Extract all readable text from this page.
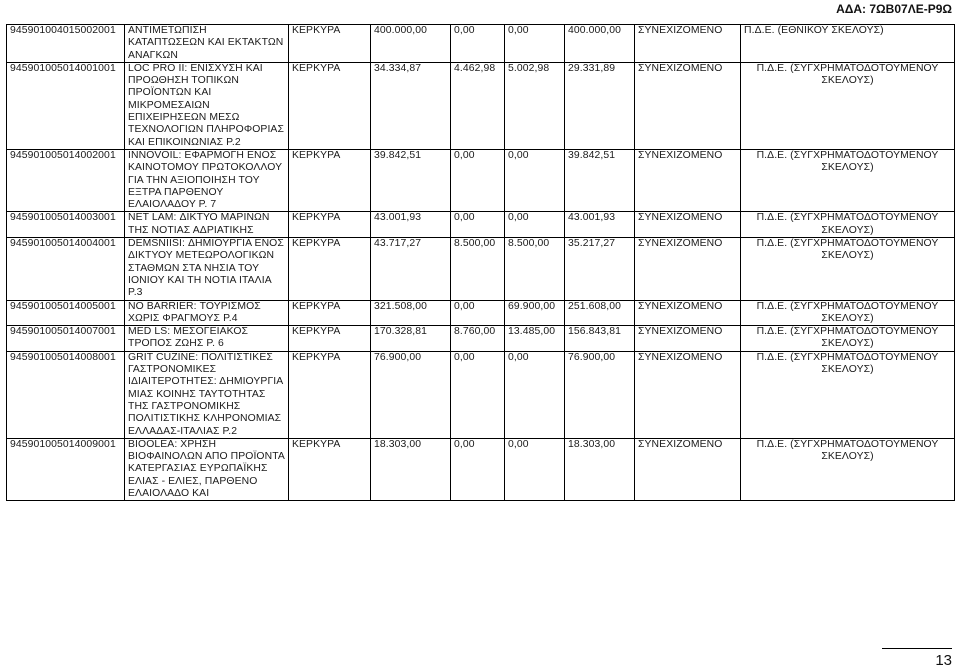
ΑΔΑ: 7ΩΒ07ΛΕ-Ρ9Ω
945901004015002001	ΑΝΤΙΜΕΤΩΠΙΣΗ ΚΑΤΑΠΤΩΣΕΩΝ ΚΑΙ ΕΚΤΑΚΤΩΝ ΑΝΑΓΚΩΝ	ΚΕΡΚΥΡΑ	400.000,00	0,00	0,00	400.000,00	ΣΥΝΕΧΙΖΟΜΕΝΟ	Π.Δ.Ε. (ΕΘΝΙΚΟΥ ΣΚΕΛΟΥΣ)
945901005014001001	LOC PRO II: ΕΝΙΣΧΥΣΗ ΚΑΙ ΠΡΟΩΘΗΣΗ ΤΟΠΙΚΩΝ ΠΡΟΪΟΝΤΩΝ ΚΑΙ ΜΙΚΡΟΜΕΣΑΙΩΝ ΕΠΙΧΕΙΡΗΣΕΩΝ ΜΕΣΩ ΤΕΧΝΟΛΟΓΙΩΝ ΠΛΗΡΟΦΟΡΙΑΣ ΚΑΙ ΕΠΙΚΟΙΝΩΝΙΑΣ Ρ.2	ΚΕΡΚΥΡΑ	34.334,87	4.462,98	5.002,98	29.331,89	ΣΥΝΕΧΙΖΟΜΕΝΟ	Π.Δ.Ε. (ΣΥΓΧΡΗΜΑΤΟΔΟΤΟΥΜΕΝΟΥ ΣΚΕΛΟΥΣ)
945901005014002001	INNOVOIL: ΕΦΑΡΜΟΓΗ ΕΝΟΣ ΚΑΙΝΟΤΟΜΟΥ ΠΡΩΤΟΚΟΛΛΟΥ ΓΙΑ ΤΗΝ ΑΞΙΟΠΟΙΗΣΗ ΤΟΥ ΕΞΤΡΑ ΠΑΡΘΕΝΟΥ ΕΛΑΙΟΛΑΔΟΥ Ρ. 7	ΚΕΡΚΥΡΑ	39.842,51	0,00	0,00	39.842,51	ΣΥΝΕΧΙΖΟΜΕΝΟ	Π.Δ.Ε. (ΣΥΓΧΡΗΜΑΤΟΔΟΤΟΥΜΕΝΟΥ ΣΚΕΛΟΥΣ)
945901005014003001	NET LAM: ΔΙΚΤΥΟ ΜΑΡΙΝΩΝ ΤΗΣ ΝΟΤΙΑΣ ΑΔΡΙΑΤΙΚΗΣ	ΚΕΡΚΥΡΑ	43.001,93	0,00	0,00	43.001,93	ΣΥΝΕΧΙΖΟΜΕΝΟ	Π.Δ.Ε. (ΣΥΓΧΡΗΜΑΤΟΔΟΤΟΥΜΕΝΟΥ ΣΚΕΛΟΥΣ)
945901005014004001	DEMSNIISI: ΔΗΜΙΟΥΡΓΙΑ ΕΝΟΣ ΔΙΚΤΥΟΥ ΜΕΤΕΩΡΟΛΟΓΙΚΩΝ ΣΤΑΘΜΩΝ ΣΤΑ ΝΗΣΙΑ ΤΟΥ ΙΟΝΙΟΥ ΚΑΙ ΤΗ ΝΟΤΙΑ ΙΤΑΛΙΑ Ρ.3	ΚΕΡΚΥΡΑ	43.717,27	8.500,00	8.500,00	35.217,27	ΣΥΝΕΧΙΖΟΜΕΝΟ	Π.Δ.Ε. (ΣΥΓΧΡΗΜΑΤΟΔΟΤΟΥΜΕΝΟΥ ΣΚΕΛΟΥΣ)
945901005014005001	NO BARRIER: ΤΟΥΡΙΣΜΟΣ ΧΩΡΙΣ ΦΡΑΓΜΟΥΣ Ρ.4	ΚΕΡΚΥΡΑ	321.508,00	0,00	69.900,00	251.608,00	ΣΥΝΕΧΙΖΟΜΕΝΟ	Π.Δ.Ε. (ΣΥΓΧΡΗΜΑΤΟΔΟΤΟΥΜΕΝΟΥ ΣΚΕΛΟΥΣ)
945901005014007001	MED LS: ΜΕΣΟΓΕΙΑΚΟΣ ΤΡΟΠΟΣ ΖΩΗΣ Ρ. 6	ΚΕΡΚΥΡΑ	170.328,81	8.760,00	13.485,00	156.843,81	ΣΥΝΕΧΙΖΟΜΕΝΟ	Π.Δ.Ε. (ΣΥΓΧΡΗΜΑΤΟΔΟΤΟΥΜΕΝΟΥ ΣΚΕΛΟΥΣ)
945901005014008001	GRIT CUZINE: ΠΟΛΙΤΙΣΤΙΚΕΣ ΓΑΣΤΡΟΝΟΜΙΚΕΣ ΙΔΙΑΙΤΕΡΟΤΗΤΕΣ: ΔΗΜΙΟΥΡΓΙΑ ΜΙΑΣ ΚΟΙΝΗΣ ΤΑΥΤΟΤΗΤΑΣ ΤΗΣ ΓΑΣΤΡΟΝΟΜΙΚΗΣ ΠΟΛΙΤΙΣΤΙΚΗΣ ΚΛΗΡΟΝΟΜΙΑΣ ΕΛΛΑΔΑΣ-ΙΤΑΛΙΑΣ Ρ.2	ΚΕΡΚΥΡΑ	76.900,00	0,00	0,00	76.900,00	ΣΥΝΕΧΙΖΟΜΕΝΟ	Π.Δ.Ε. (ΣΥΓΧΡΗΜΑΤΟΔΟΤΟΥΜΕΝΟΥ ΣΚΕΛΟΥΣ)
945901005014009001	BIOOLEA: ΧΡΗΣΗ ΒΙΟΦΑΙΝΟΛΩΝ ΑΠΟ ΠΡΟΪΟΝΤΑ ΚΑΤΕΡΓΑΣΙΑΣ ΕΥΡΩΠΑΪΚΗΣ ΕΛΙΑΣ - ΕΛΙΕΣ, ΠΑΡΘΕΝΟ ΕΛΑΙΟΛΑΔΟ ΚΑΙ	ΚΕΡΚΥΡΑ	18.303,00	0,00	0,00	18.303,00	ΣΥΝΕΧΙΖΟΜΕΝΟ	Π.Δ.Ε. (ΣΥΓΧΡΗΜΑΤΟΔΟΤΟΥΜΕΝΟΥ ΣΚΕΛΟΥΣ)
13
